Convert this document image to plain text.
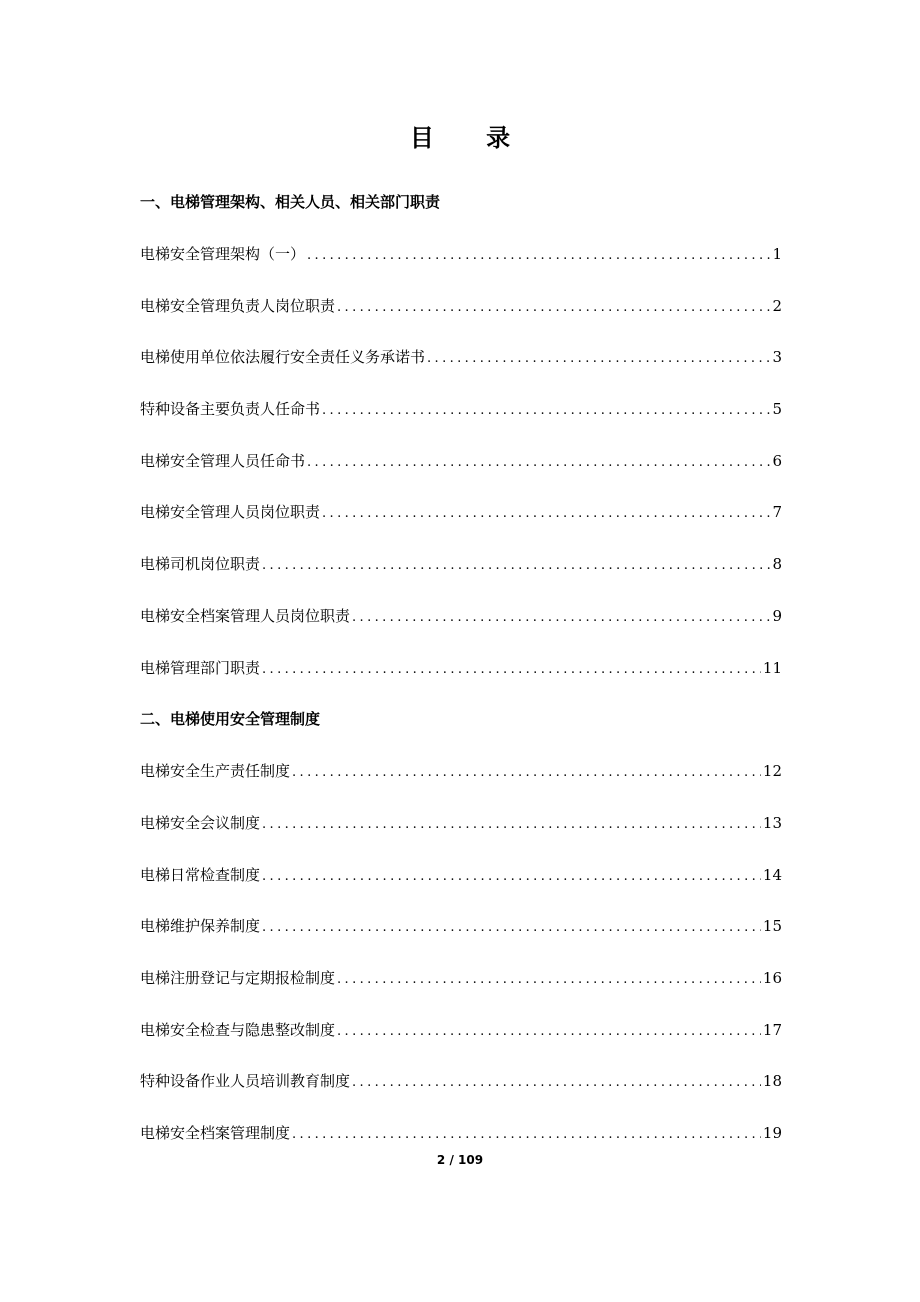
目 录
一、电梯管理架构、相关人员、相关部门职责
电梯安全管理架构（一） .....	1
电梯安全管理负责人岗位职责 .....	2
电梯使用单位依法履行安全责任义务承诺书 .....	3
特种设备主要负责人任命书 .....	5
电梯安全管理人员任命书 .....	6
电梯安全管理人员岗位职责 .....	7
电梯司机岗位职责 .....	8
电梯安全档案管理人员岗位职责 .....	9
电梯管理部门职责 .....	11
二、电梯使用安全管理制度
电梯安全生产责任制度 .....	12
电梯安全会议制度 .....	13
电梯日常检查制度 .....	14
电梯维护保养制度 .....	15
电梯注册登记与定期报检制度 .....	16
电梯安全检查与隐患整改制度 .....	17
特种设备作业人员培训教育制度 .....	18
电梯安全档案管理制度 .....	19
2 / 109
